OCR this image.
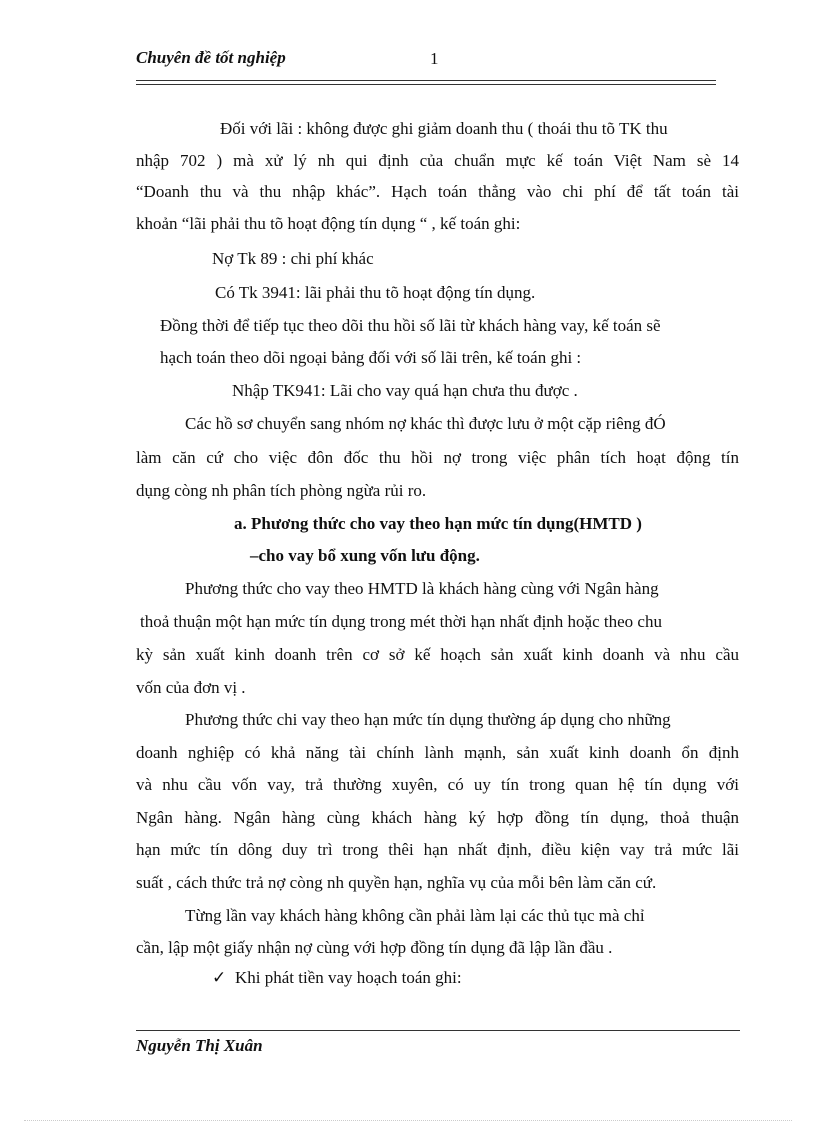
Chuyên đề tốt nghiệp	1
Đối với lãi : không được ghi giảm doanh thu ( thoái thu tõ TK thu
nhập 702 ) mà xử lý nh qui định của chuẩn mực kế toán Việt Nam sè 14
“Doanh thu và thu nhập khác”. Hạch toán thẳng vào chi phí để tất toán tài
khoản “lãi phải thu tõ hoạt động tín dụng “ , kế toán ghi:
Nợ Tk 89 : chi phí khác
Có Tk 3941: lãi phải thu tõ hoạt động tín dụng.
Đồng thời để tiếp tục theo dõi thu hồi số lãi từ khách hàng vay, kế toán sẽ
hạch toán theo dõi ngoại bảng đối với số lãi trên, kế toán ghi :
Nhập TK941: Lãi cho vay quá hạn chưa thu được .
Các hồ sơ chuyển sang nhóm nợ khác thì được lưu ở một cặp riêng đÓ
làm căn cứ cho việc đôn đốc thu hồi nợ trong việc phân tích hoạt động tín
dụng còng nh phân tích phòng ngừa rủi ro.
a. Phương thức cho vay theo hạn mức tín dụng(HMTD )
–cho vay bổ xung vốn lưu động.
Phương thức cho vay theo HMTD là khách hàng cùng với Ngân hàng
thoả thuận một hạn mức tín dụng trong mét thời hạn nhất định hoặc theo chu
kỳ sản xuất kinh doanh trên cơ sở kế hoạch sản xuất kinh doanh và nhu cầu
vốn của đơn vị .
Phương thức chi vay theo hạn mức tín dụng thường áp dụng cho những
doanh nghiệp có khả năng tài chính lành mạnh, sản xuất kinh doanh ổn định
và nhu cầu vốn vay, trả thường xuyên, có uy tín trong quan hệ tín dụng với
Ngân hàng. Ngân hàng cùng khách hàng ký hợp đồng tín dụng, thoả thuận
hạn mức tín dông duy trì trong thêi hạn nhất định, điều kiện vay trả mức lãi
suất , cách thức trả nợ còng nh quyền hạn, nghĩa vụ của mỗi bên làm căn cứ.
Từng lần vay khách hàng không cần phải làm lại các thủ tục mà chỉ
cần, lập một giấy nhận nợ cùng với hợp đồng tín dụng đã lập lần đầu .
✓ Khi phát tiền vay hoạch toán ghi:
Nguyễn Thị Xuân
